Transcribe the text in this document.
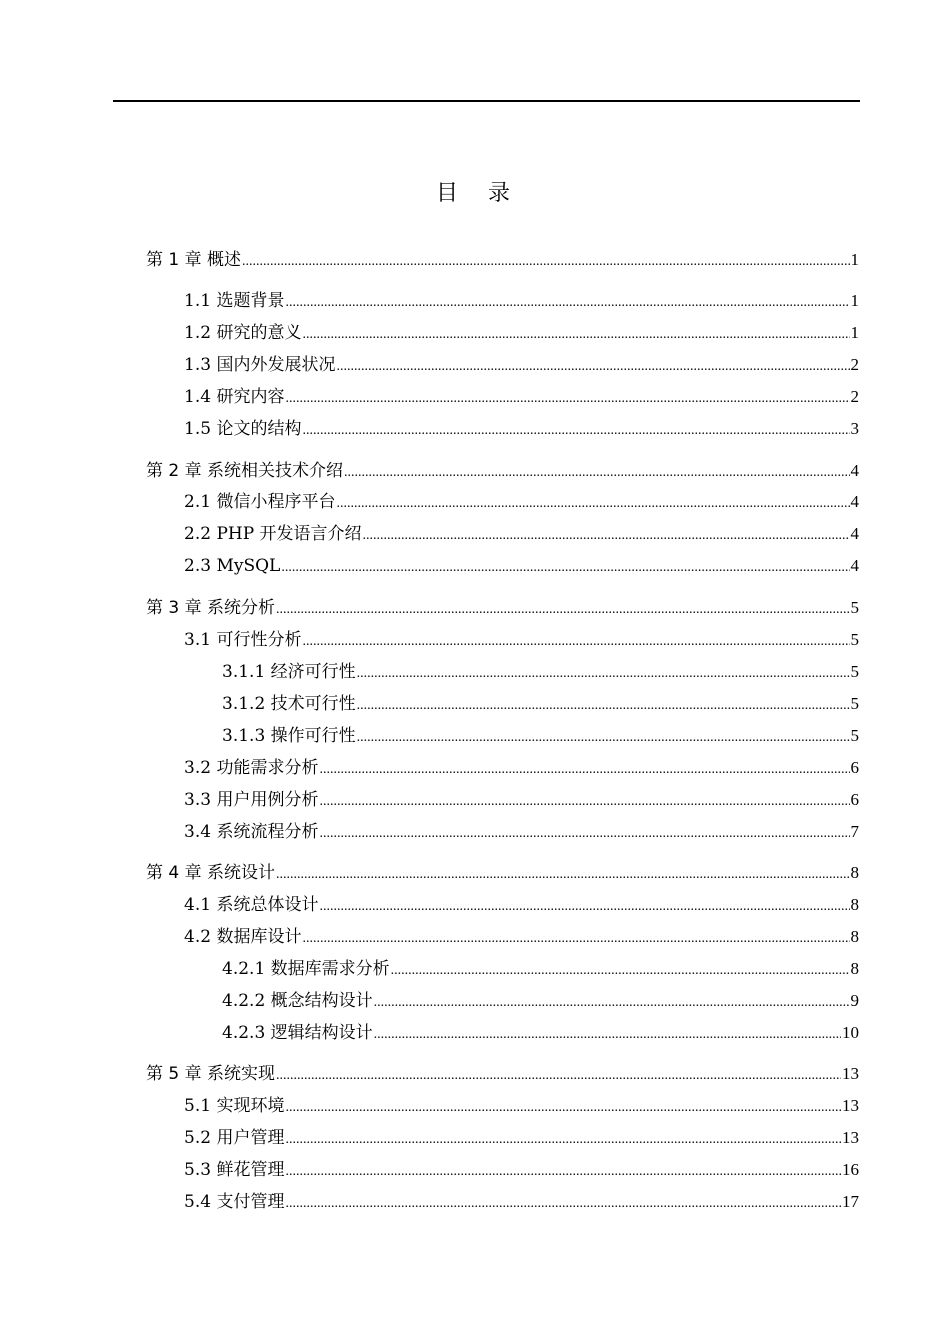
目　录
第 1 章 概述 .....	1
1.1 选题背景 .....	1
1.2 研究的意义 .....	1
1.3 国内外发展状况 .....	2
1.4 研究内容 .....	2
1.5 论文的结构 .....	3
第 2 章 系统相关技术介绍 .....	4
2.1 微信小程序平台 .....	4
2.2 PHP 开发语言介绍 .....	4
2.3 MySQL .....	4
第 3 章 系统分析 .....	5
3.1 可行性分析 .....	5
3.1.1 经济可行性 .....	5
3.1.2 技术可行性 .....	5
3.1.3 操作可行性 .....	5
3.2 功能需求分析 .....	6
3.3 用户用例分析 .....	6
3.4 系统流程分析 .....	7
第 4 章 系统设计 .....	8
4.1 系统总体设计 .....	8
4.2 数据库设计 .....	8
4.2.1 数据库需求分析 .....	8
4.2.2 概念结构设计 .....	9
4.2.3 逻辑结构设计 .....	10
第 5 章 系统实现 .....	13
5.1 实现环境 .....	13
5.2 用户管理 .....	13
5.3 鲜花管理 .....	16
5.4 支付管理 .....	17
